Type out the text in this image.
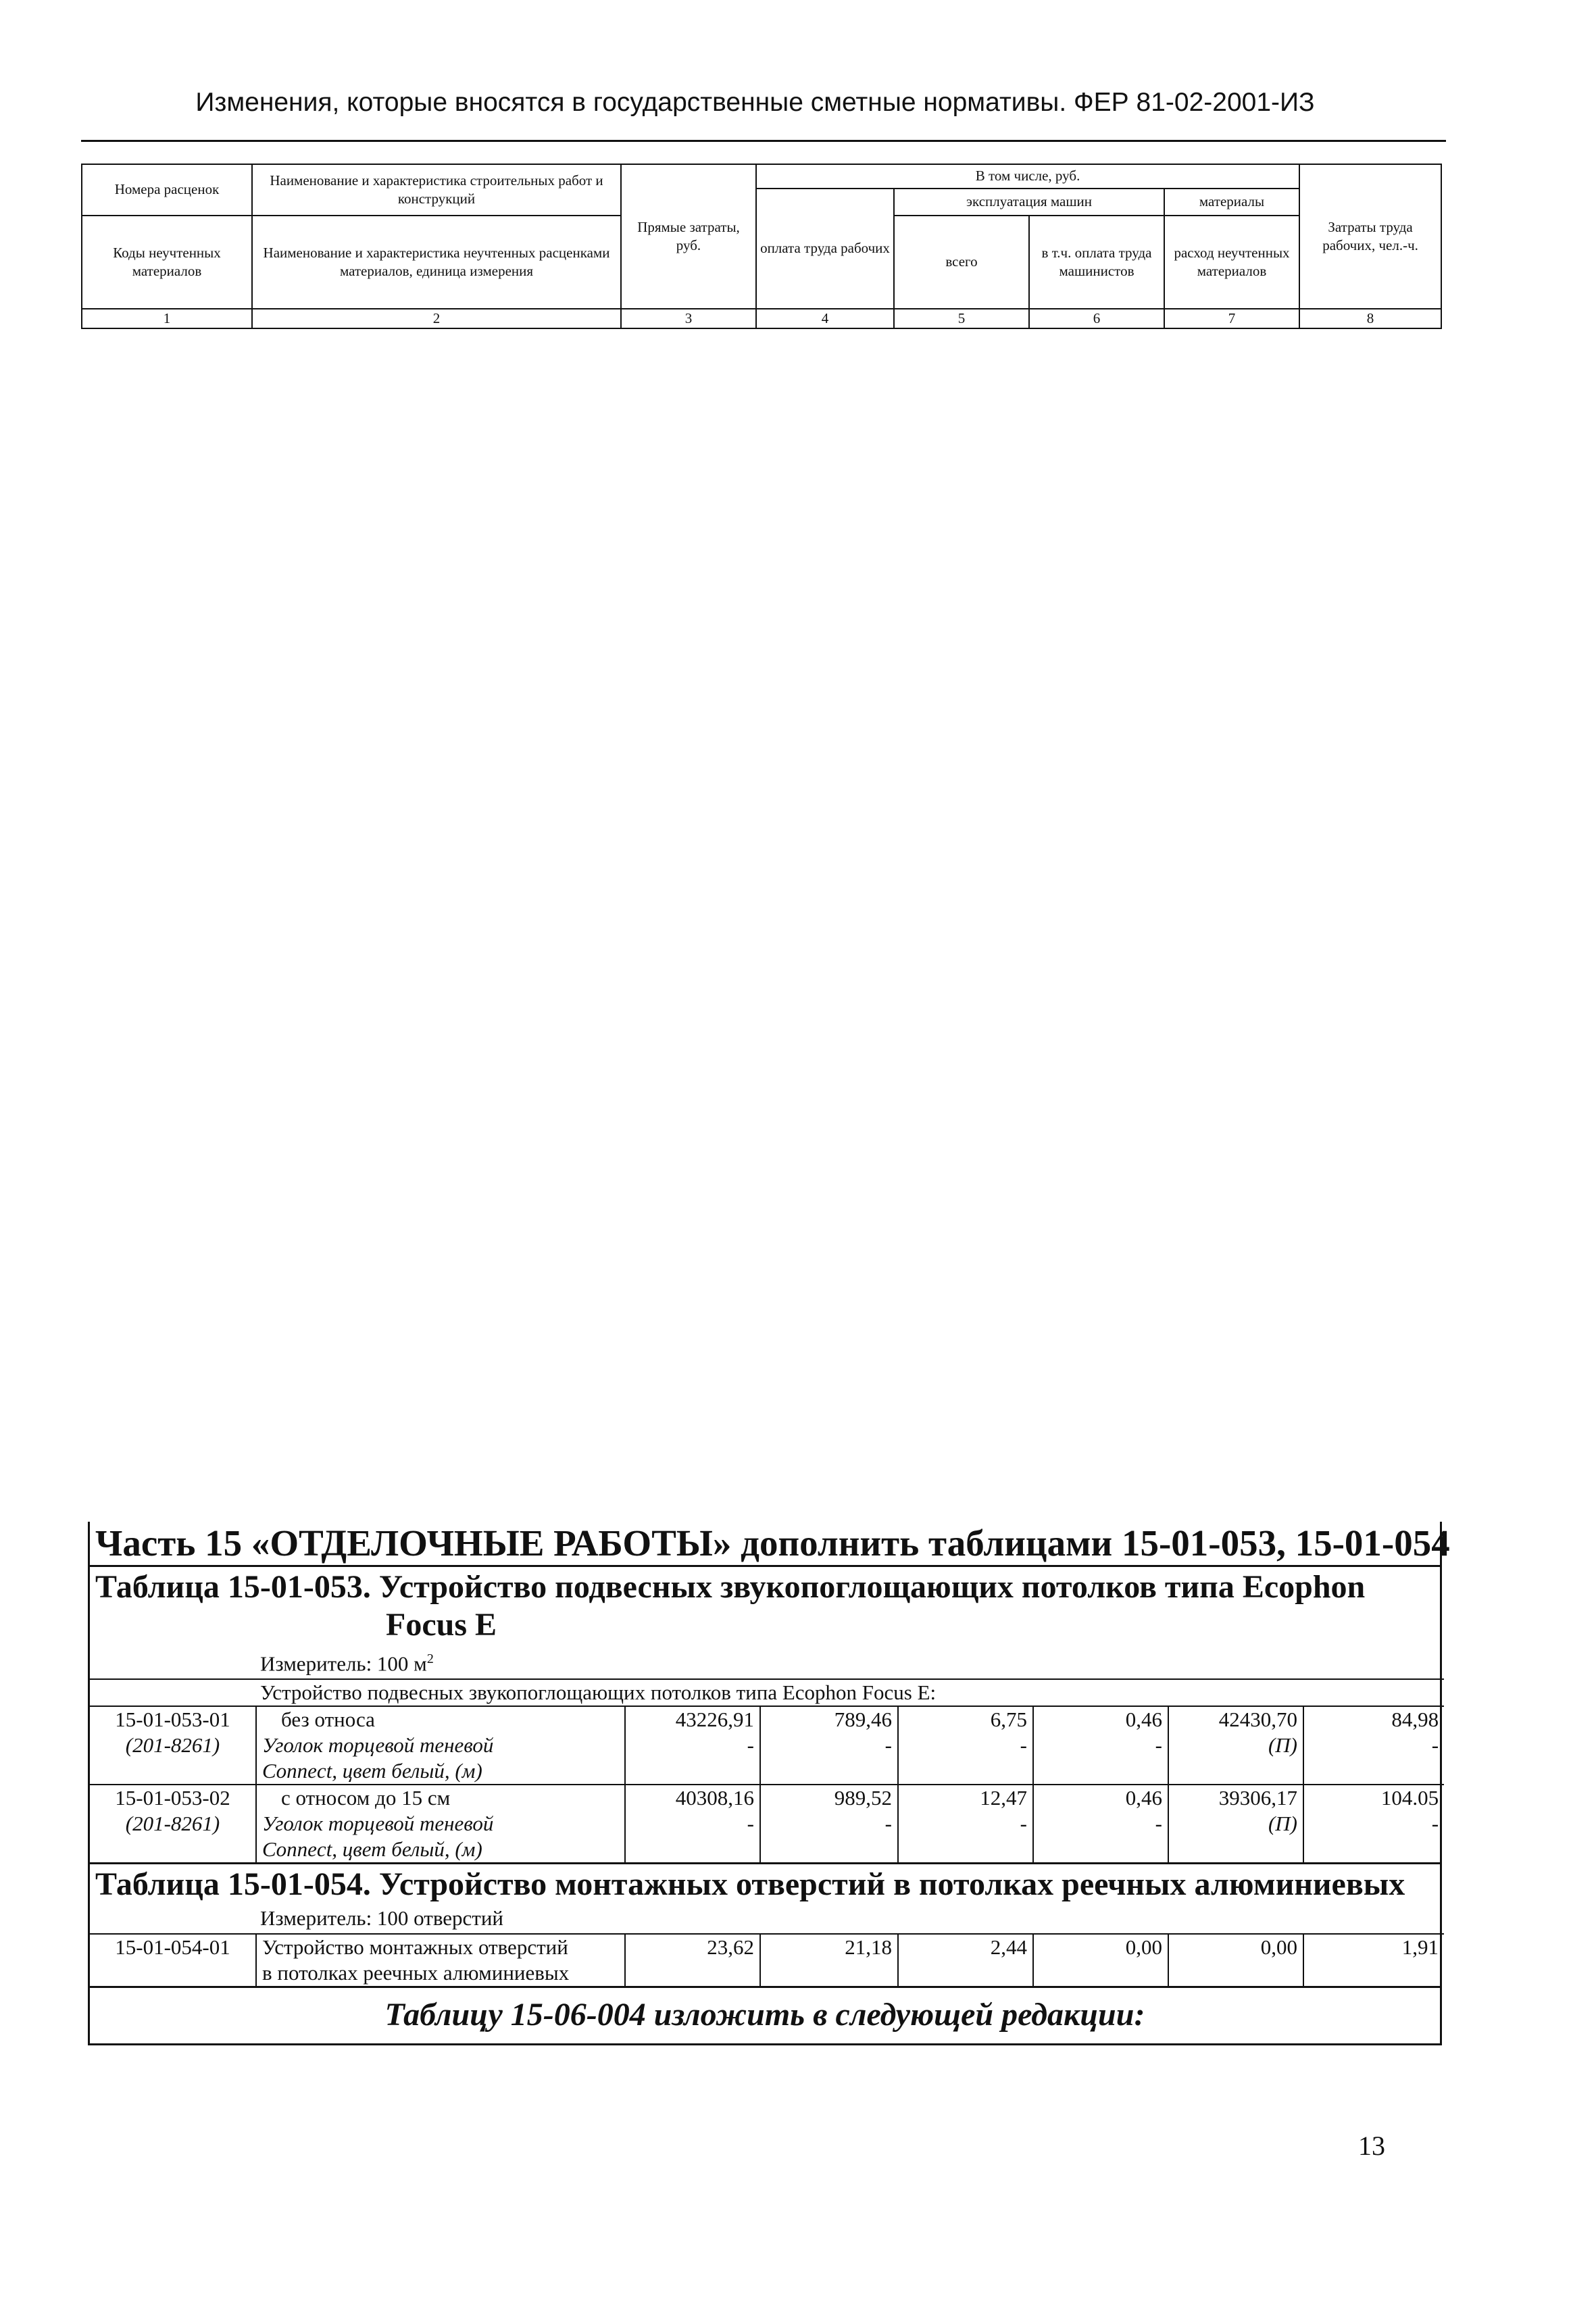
Изменения, которые вносятся в государственные сметные нормативы. ФЕР 81-02-2001-ИЗ
Номера расценок	Наименование и характеристика строительных работ и конструкций	Прямые затраты, руб.	В том числе, руб.				Затраты труда рабочих, чел.-ч.
			оплата труда рабочих	эксплуатация машин		материалы	
Коды неучтенных материалов	Наименование и характеристика неучтенных расценками материалов, единица измерения			всего	в т.ч. оплата труда машинистов	расход неучтенных материалов	
1	2	3	4	5	6	7	8
Часть 15 «ОТДЕЛОЧНЫЕ РАБОТЫ» дополнить таблицами 15-01-053, 15-01-054
Таблица 15-01-053. Устройство подвесных звукопоглощающих потолков типа Ecophon
Focus E
Измеритель: 100 $м^2$
Устройство подвесных звукопоглощающих потолков типа Ecophon Focus E:							
15-01-053-01	без относа	43226,91	789,46	6,75	0,46	42430,70	84,98
(201-8261)	Уголок торцевой теневой	-	-	-	-	(П)	-
	Connect, цвет белый, (м)						
15-01-053-02	с относом до 15 см	40308,16	989,52	12,47	0,46	39306,17	104.05
(201-8261)	Уголок торцевой теневой	-	-	-	-	(П)	-
	Connect, цвет белый, (м)						
Таблица 15-01-054. Устройство монтажных отверстий в потолках реечных алюминиевых
Измеритель: 100 отверстий
15-01-054-01	Устройство монтажных отверстий	23,62	21,18	2,44	0,00	0,00	1,91
	в потолках реечных алюминиевых						
Таблицу 15-06-004 изложить в следующей редакции:
13
